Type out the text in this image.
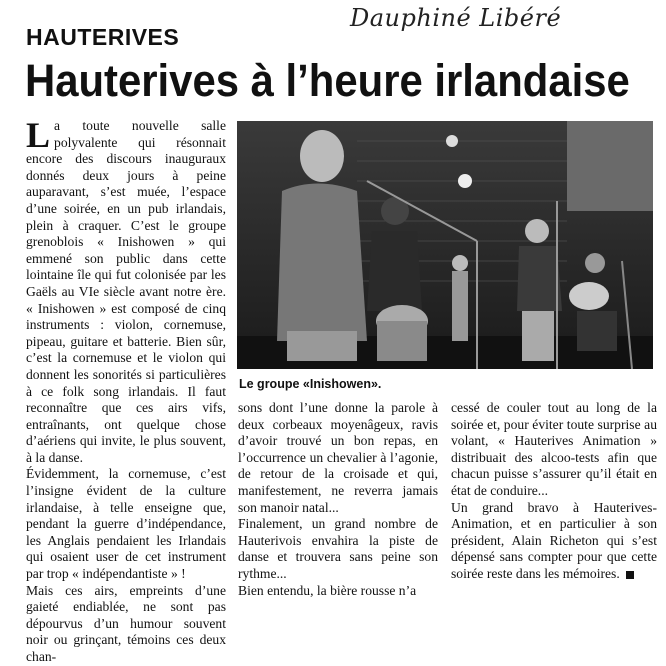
Dauphiné Libéré
HAUTERIVES
Hauterives à l’heure irlandaise

La toute nouvelle salle polyvalente qui résonnait encore des discours inauguraux donnés deux jours à peine auparavant, s’est muée, l’espace d’une soirée, en un pub irlandais, plein à craquer. C’est le groupe grenoblois « Inishowen » qui emmené son public dans cette lointaine île qui fut colonisée par les Gaëls au VIe siècle avant notre ère. « Inishowen » est composé de cinq instruments : violon, cornemuse, pipeau, guitare et batterie. Bien sûr, c’est la cornemuse et le violon qui donnent les sonorités si particulières à ce folk song irlandais. Il faut reconnaître que ces airs vifs, entraînants, ont quelque chose d’aériens qui invite, le plus souvent, à la danse.

Évidemment, la cornemuse, c’est l’insigne évident de la culture irlandaise, à telle enseigne que, pendant la guerre d’indépendance, les Anglais pendaient les Irlandais qui osaient user de cet instrument par trop « indépendantiste » !

Mais ces airs, empreints d’une gaieté endiablée, ne sont pas dépourvus d’un humour souvent noir ou grinçant, témoins ces deux chan-

Le groupe «Inishowen».

sons dont l’une donne la parole à deux corbeaux moyenâgeux, ravis d’avoir trouvé un bon repas, en l’occurrence un chevalier à l’agonie, de retour de la croisade et qui, manifestement, ne reverra jamais son manoir natal...

Finalement, un grand nombre de Hauterivois envahira la piste de danse et trouvera sans peine son rythme...

Bien entendu, la bière rousse n’a

cessé de couler tout au long de la soirée et, pour éviter toute surprise au volant, « Hauterives Animation » distribuait des alcoo-tests afin que chacun puisse s’assurer qu’il était en état de conduire...

Un grand bravo à Hauterives-Animation, et en particulier à son président, Alain Richeton qui s’est dépensé sans compter pour que cette soirée reste dans les mémoires.
